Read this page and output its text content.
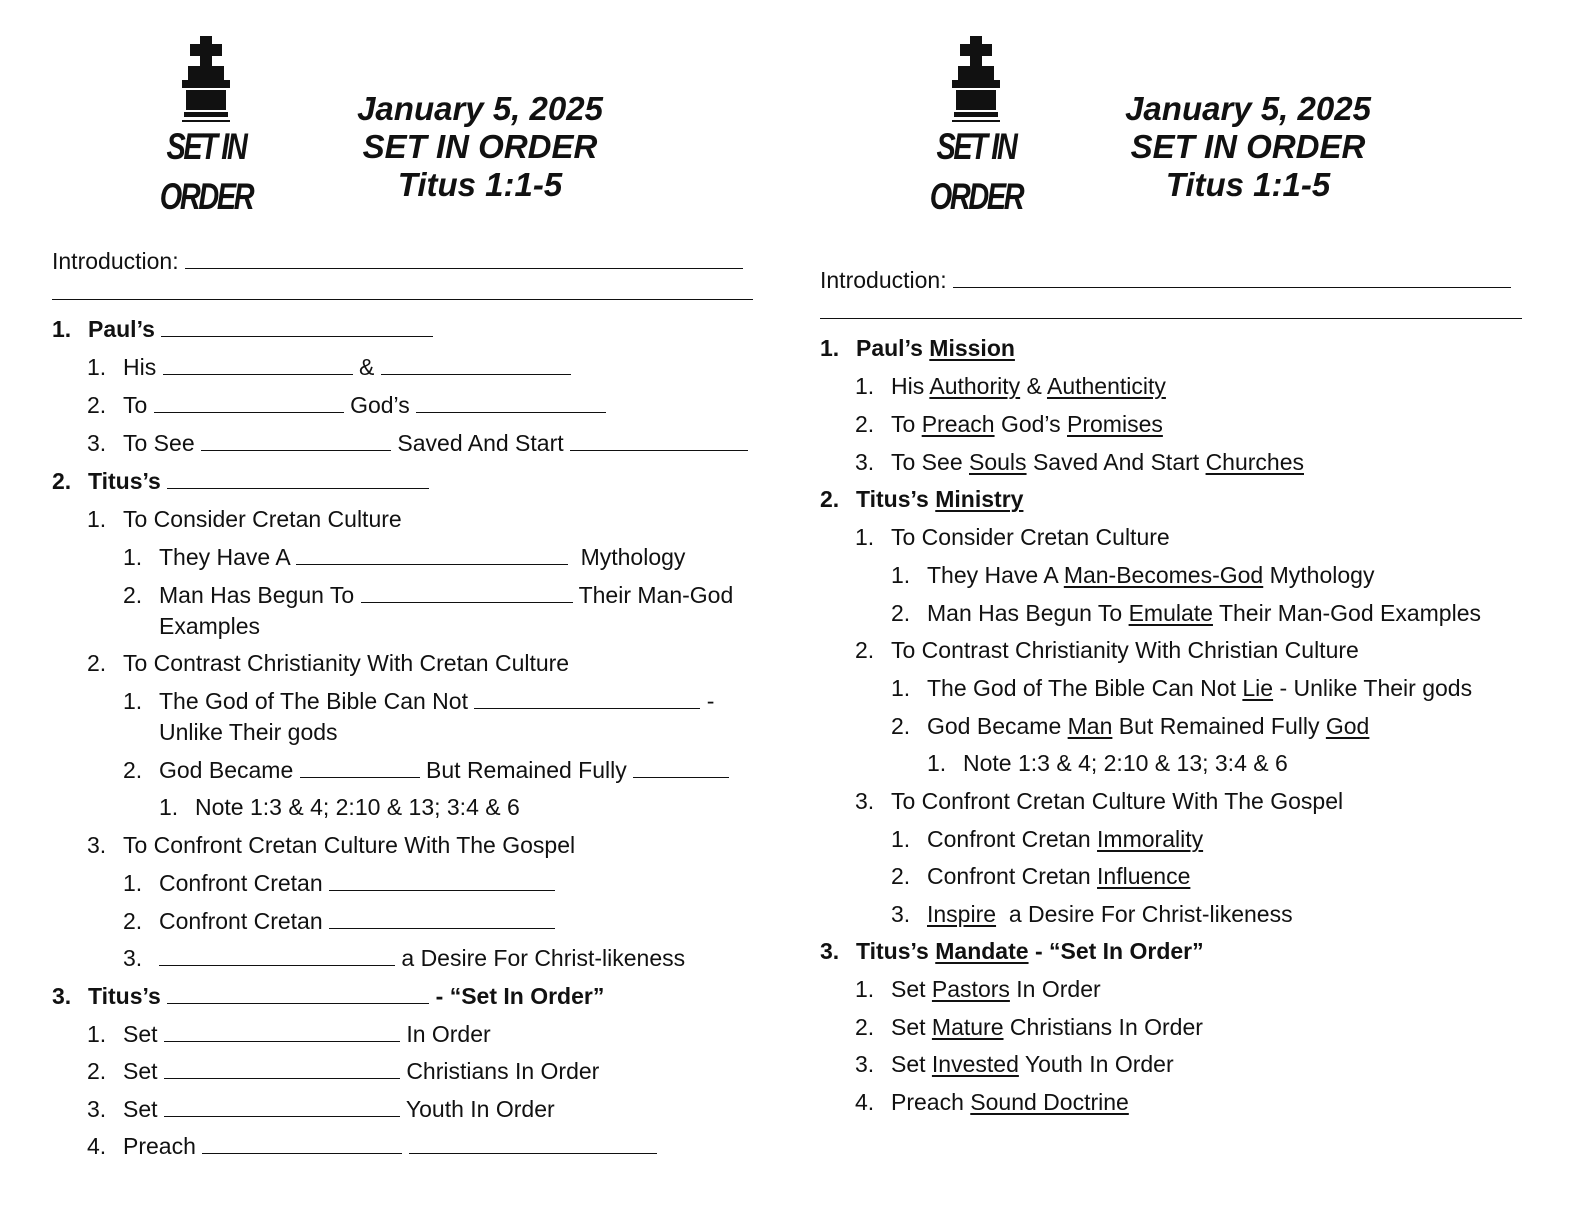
SET IN ORDER
January 5, 2025
SET IN ORDER
Titus 1:1-5
Introduction:
1. Paul’s
1. His	&
2. To	God’s
3. To See	Saved And Start
2. Titus’s
1. To Consider Cretan Culture
1. They Have A	Mythology
2. Man Has Begun To	Their Man-God
Examples
2. To Contrast Christianity With Cretan Culture
1. The God of The Bible Can Not	-
Unlike Their gods
2. God Became	But Remained Fully
1. Note 1:3 & 4; 2:10 & 13; 3:4 & 6
3. To Confront Cretan Culture With The Gospel
1. Confront Cretan
2. Confront Cretan
3.	a Desire For Christ-likeness
3. Titus’s	- “Set In Order”
1. Set	In Order
2. Set	Christians In Order
3. Set	Youth In Order
4. Preach
SET IN ORDER
January 5, 2025
SET IN ORDER
Titus 1:1-5
Introduction:
1. Paul’s Mission
1. His Authority & Authenticity
2. To Preach God’s Promises
3. To See Souls Saved And Start Churches
2. Titus’s Ministry
1. To Consider Cretan Culture
1. They Have A Man-Becomes-God Mythology
2. Man Has Begun To Emulate Their Man-God Examples
2. To Contrast Christianity With Christian Culture
1. The God of The Bible Can Not Lie - Unlike Their gods
2. God Became Man But Remained Fully God
1. Note 1:3 & 4; 2:10 & 13; 3:4 & 6
3. To Confront Cretan Culture With The Gospel
1. Confront Cretan Immorality
2. Confront Cretan Influence
3. Inspire a Desire For Christ-likeness
3. Titus’s Mandate - “Set In Order”
1. Set Pastors In Order
2. Set Mature Christians In Order
3. Set Invested Youth In Order
4. Preach Sound Doctrine
